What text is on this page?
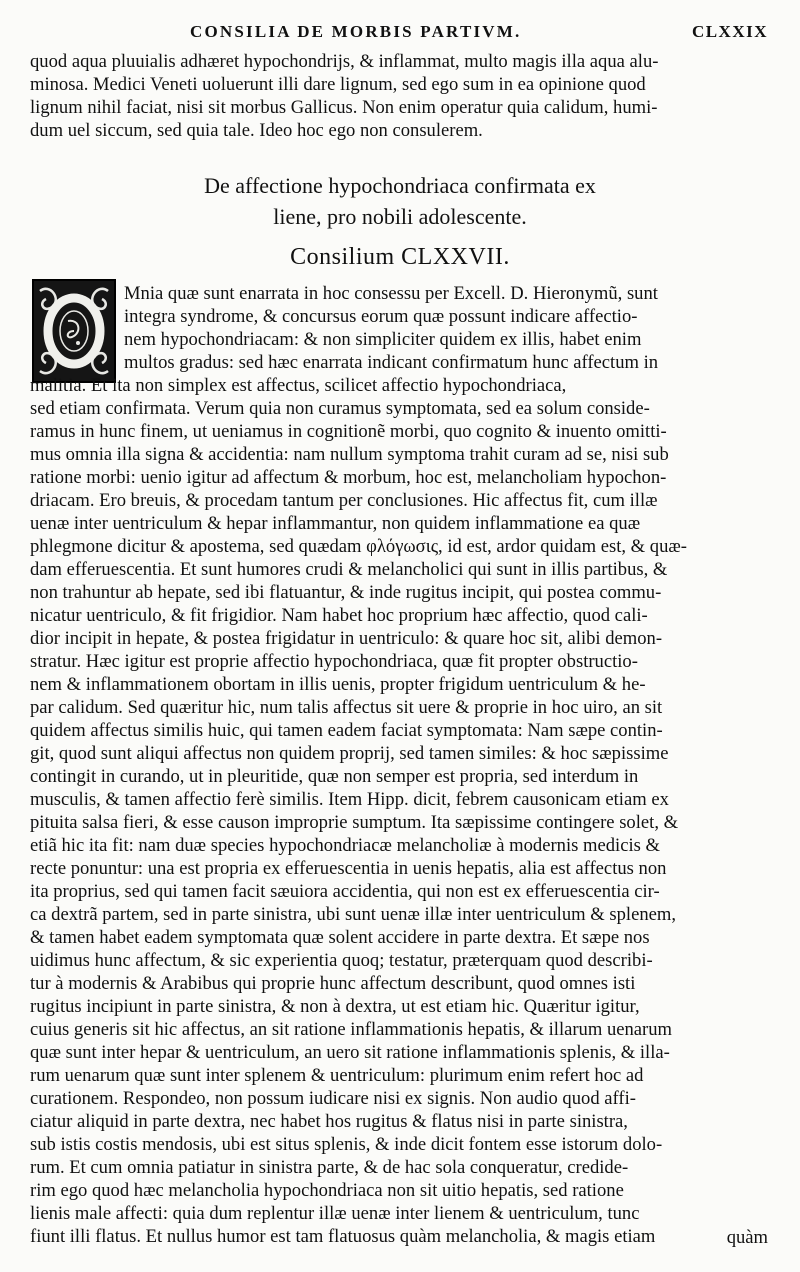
CONSILIA DE MORBIS PARTIVM.	CLXXIX
quod aqua pluuialis adhæret hypochondrijs, & inflammat, multo magis illa aqua alu-
minosa. Medici Veneti uoluerunt illi dare lignum, sed ego sum in ea opinione quod
lignum nihil faciat, nisi sit morbus Gallicus. Non enim operatur quia calidum, humi-
dum uel siccum, sed quia tale. Ideo hoc ego non consulerem.
De affectione hypochondriaca confirmata ex
liene, pro nobili adolescente.
Consilium CLXXVII.
Mnia quæ sunt enarrata in hoc consessu per Excell. D. Hieronymũ, sunt
integra syndrome, & concursus eorum quæ possunt indicare affectio-
nem hypochondriacam: & non simpliciter quidem ex illis, habet enim
multos gradus: sed hæc enarrata indicant confirmatum hunc affectum in
malitia. Et ita non simplex est affectus, scilicet affectio hypochondriaca,
sed etiam confirmata. Verum quia non curamus symptomata, sed ea solum conside-
ramus in hunc finem, ut ueniamus in cognitionẽ morbi, quo cognito & inuento omitti-
mus omnia illa signa & accidentia: nam nullum symptoma trahit curam ad se, nisi sub
ratione morbi: uenio igitur ad affectum & morbum, hoc est, melancholiam hypochon-
driacam. Ero breuis, & procedam tantum per conclusiones. Hic affectus fit, cum illæ
uenæ inter uentriculum & hepar inflammantur, non quidem inflammatione ea quæ
phlegmone dicitur & apostema, sed quædam φλόγωσις, id est, ardor quidam est, & quæ-
dam efferuescentia. Et sunt humores crudi & melancholici qui sunt in illis partibus, &
non trahuntur ab hepate, sed ibi flatuantur, & inde rugitus incipit, qui postea commu-
nicatur uentriculo, & fit frigidior. Nam habet hoc proprium hæc affectio, quod cali-
dior incipit in hepate, & postea frigidatur in uentriculo: & quare hoc sit, alibi demon-
stratur. Hæc igitur est proprie affectio hypochondriaca, quæ fit propter obstructio-
nem & inflammationem obortam in illis uenis, propter frigidum uentriculum & he-
par calidum. Sed quæritur hic, num talis affectus sit uere & proprie in hoc uiro, an sit
quidem affectus similis huic, qui tamen eadem faciat symptomata: Nam sæpe contin-
git, quod sunt aliqui affectus non quidem proprij, sed tamen similes: & hoc sæpissime
contingit in curando, ut in pleuritide, quæ non semper est propria, sed interdum in
musculis, & tamen affectio ferè similis. Item Hipp. dicit, febrem causonicam etiam ex
pituita salsa fieri, & esse causon improprie sumptum. Ita sæpissime contingere solet, &
etiã hic ita fit: nam duæ species hypochondriacæ melancholiæ à modernis medicis &
recte ponuntur: una est propria ex efferuescentia in uenis hepatis, alia est affectus non
ita proprius, sed qui tamen facit sæuiora accidentia, qui non est ex efferuescentia cir-
ca dextrã partem, sed in parte sinistra, ubi sunt uenæ illæ inter uentriculum & splenem,
& tamen habet eadem symptomata quæ solent accidere in parte dextra. Et sæpe nos
uidimus hunc affectum, & sic experientia quoq; testatur, præterquam quod describi-
tur à modernis & Arabibus qui proprie hunc affectum describunt, quod omnes isti
rugitus incipiunt in parte sinistra, & non à dextra, ut est etiam hic. Quæritur igitur,
cuius generis sit hic affectus, an sit ratione inflammationis hepatis, & illarum uenarum
quæ sunt inter hepar & uentriculum, an uero sit ratione inflammationis splenis, & illa-
rum uenarum quæ sunt inter splenem & uentriculum: plurimum enim refert hoc ad
curationem. Respondeo, non possum iudicare nisi ex signis. Non audio quod affi-
ciatur aliquid in parte dextra, nec habet hos rugitus & flatus nisi in parte sinistra,
sub istis costis mendosis, ubi est situs splenis, & inde dicit fontem esse istorum dolo-
rum. Et cum omnia patiatur in sinistra parte, & de hac sola conqueratur, credide-
rim ego quod hæc melancholia hypochondriaca non sit uitio hepatis, sed ratione
lienis male affecti: quia dum replentur illæ uenæ inter lienem & uentriculum, tunc
fiunt illi flatus. Et nullus humor est tam flatuosus quàm melancholia, & magis etiam	quàm
